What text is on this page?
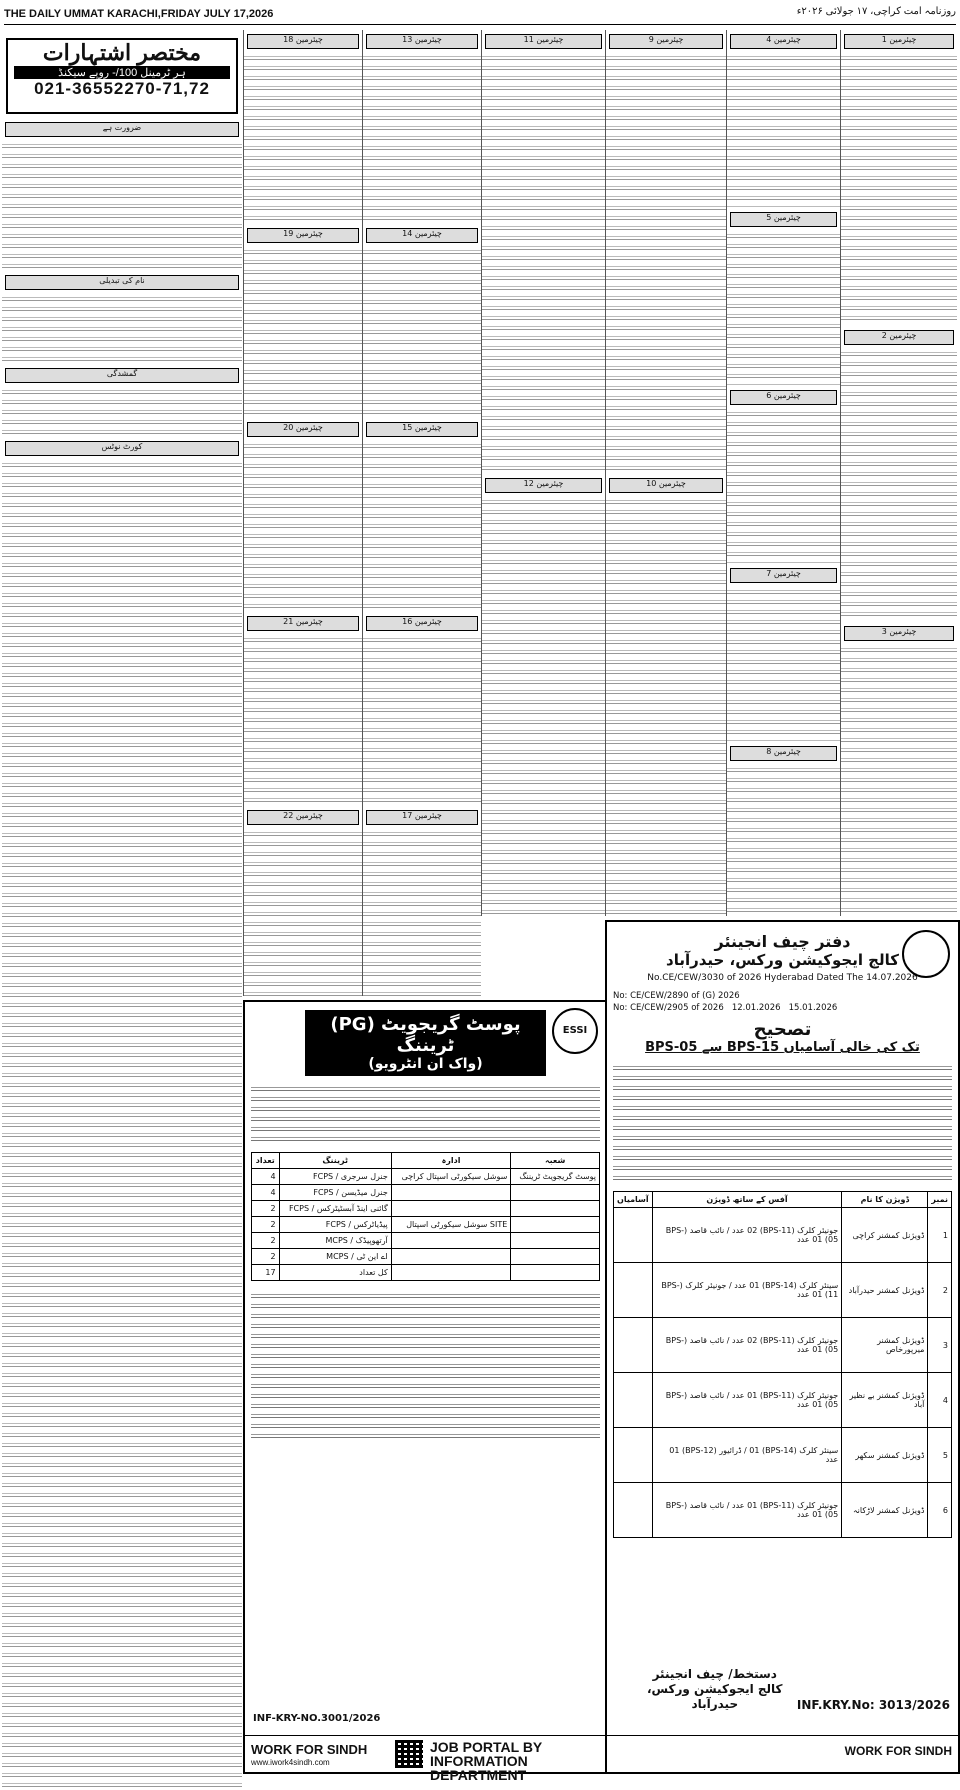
THE DAILY UMMAT KARACHI,FRIDAY JULY 17,2026	روزنامہ امت کراچی، ۱۷ جولائی ۲۰۲۶ء
مختصر اشتہارات
ہر ٹرمینل 100/- روپے سیکنڈ
021-36552270-71,72
ضرورت ہے
نام کی تبدیلی
گمشدگی
کورٹ نوٹس
چیئرمین 18
چیئرمین 19
چیئرمین 20
چیئرمین 21
چیئرمین 22
چیئرمین 13
چیئرمین 14
چیئرمین 15
چیئرمین 16
چیئرمین 17
چیئرمین 11
چیئرمین 12
چیئرمین 9
چیئرمین 10
چیئرمین 4
چیئرمین 5
چیئرمین 6
چیئرمین 7
چیئرمین 8
چیئرمین 1
چیئرمین 2
چیئرمین 3
ESSI
پوسٹ گریجویٹ (PG) ٹریننگ
(واک ان انٹرویو)
شعبہ	ادارہ	ٹریننگ	تعداد
پوسٹ گریجویٹ ٹریننگ	سوشل سیکورٹی اسپتال کراچی	جنرل سرجری / FCPS	4
		جنرل میڈیسن / FCPS	4
		گائنی اینڈ آبسٹیٹرکس / FCPS	2
	SITE سوشل سیکورٹی اسپتال	پیڈیاٹرکس / FCPS	2
		آرتھوپیڈک / MCPS	2
		اے این ٹی / MCPS	2
		کل تعداد	17
INF-KRY-NO.3001/2026
WORK FOR SINDH
www.iwork4sindh.com
JOB PORTAL BY INFORMATION DEPARTMENT
دفتر چیف انجینئر
کالج ایجوکیشن ورکس، حیدرآباد
No.CE/CEW/3030 of 2026 Hyderabad Dated The 14.07.2026
No: CE/CEW/2890 of (G) 2026
No: CE/CEW/2905 of 2026 12.01.2026 15.01.2026
تصحیح
BPS-05 سے BPS-15 تک کی خالی آسامیاں
نمبر	ڈویژن کا نام	آفس کے ساتھ ڈویژن	آسامیاں
1	ڈویژنل کمشنر کراچی	جونیئر کلرک (BPS-11) 02 عدد / نائب قاصد (BPS-05) 01 عدد	
2	ڈویژنل کمشنر حیدرآباد	سینئر کلرک (BPS-14) 01 عدد / جونیئر کلرک (BPS-11) 01 عدد	
3	ڈویژنل کمشنر میرپورخاص	جونیئر کلرک (BPS-11) 02 عدد / نائب قاصد (BPS-05) 01 عدد	
4	ڈویژنل کمشنر بے نظیر آباد	جونیئر کلرک (BPS-11) 01 عدد / نائب قاصد (BPS-05) 01 عدد	
5	ڈویژنل کمشنر سکھر	سینئر کلرک (BPS-14) 01 / ڈرائیور (BPS-12) 01 عدد	
6	ڈویژنل کمشنر لاڑکانہ	جونیئر کلرک (BPS-11) 01 عدد / نائب قاصد (BPS-05) 01 عدد	
دستخط/ چیف انجینئر
کالج ایجوکیشن ورکس،
حیدرآباد	INF.KRY.No: 3013/2026
WORK FOR SINDH
